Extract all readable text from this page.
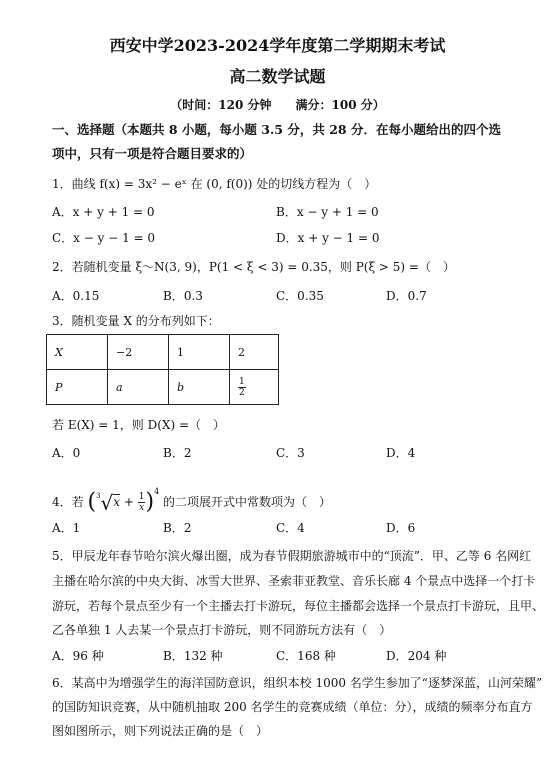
西安中学2023-2024学年度第二学期期末考试
高二数学试题
（时间：120 分钟　　满分：100 分）
一、选择题（本题共 8 小题，每小题 3.5 分，共 28 分．在每小题给出的四个选
项中，只有一项是符合题目要求的）
1．曲线 f(x) = 3x² − eˣ 在 (0, f(0)) 处的切线方程为（　）
A．x + y + 1 = 0	B．x − y + 1 = 0
C．x − y − 1 = 0	D．x + y − 1 = 0
2．若随机变量 ξ～N(3, 9)，P(1 < ξ < 3) = 0.35，则 P(ξ > 5) =（　）
A．0.15	B．0.3	C．0.35	D．0.7
3．随机变量 X 的分布列如下：
X	−2	1	2
P	a	b	$\frac{1}{2}$
若 E(X) = 1，则 D(X) =（　）
A．0	B．2	C．3	D．4
4．若 $(^3√x + \frac{1}{x} )^4$ 的二项展开式中常数项为（　）
A．1	B．2	C．4	D．6
5．甲辰龙年春节哈尔滨火爆出圈，成为春节假期旅游城市中的“顶流”．甲、乙等 6 名网红
主播在哈尔滨的中央大街、冰雪大世界、圣索菲亚教堂、音乐长廊 4 个景点中选择一个打卡
游玩，若每个景点至少有一个主播去打卡游玩，每位主播都会选择一个景点打卡游玩，且甲、
乙各单独 1 人去某一个景点打卡游玩，则不同游玩方法有（　）
A．96 种	B．132 种	C．168 种	D．204 种
6．某高中为增强学生的海洋国防意识，组织本校 1000 名学生参加了“逐梦深蓝，山河荣耀”
的国防知识竞赛，从中随机抽取 200 名学生的竞赛成绩（单位：分），成绩的频率分布直方
图如图所示，则下列说法正确的是（　）
